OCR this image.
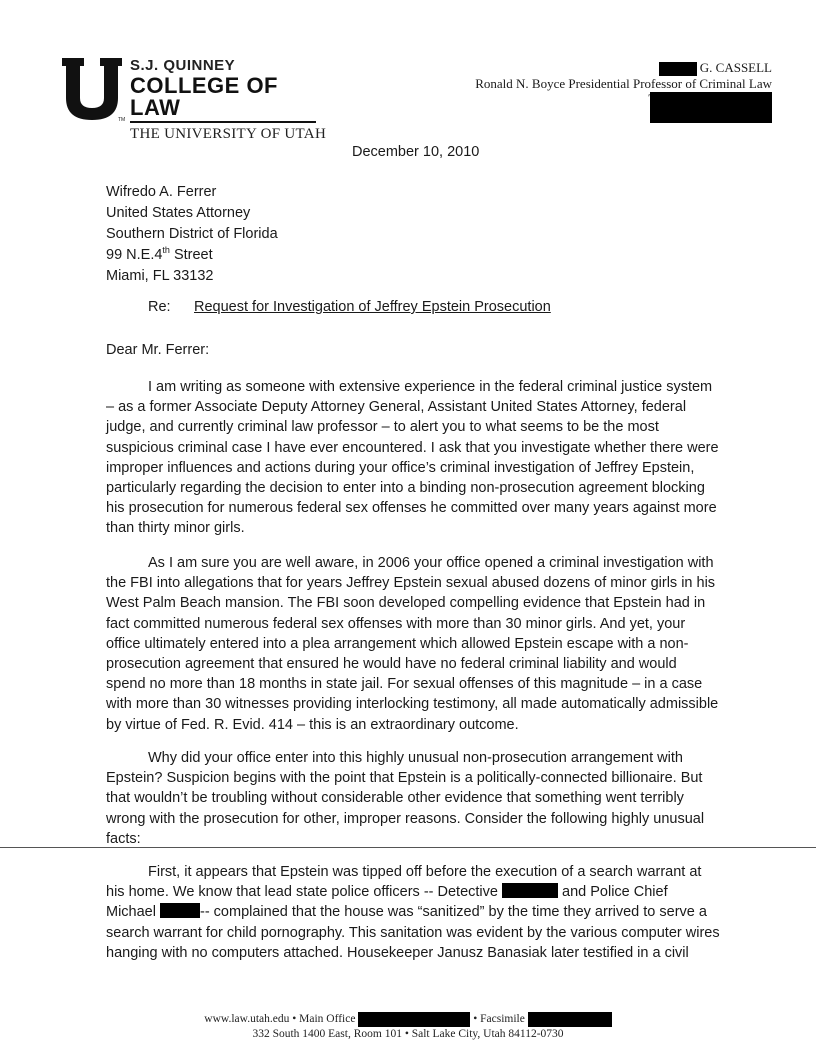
TM
S.J. QUINNEY
COLLEGE OF LAW
THE UNIVERSITY OF UTAH
G. CASSELL
Ronald N. Boyce Presidential Professor of Criminal Law
December 10, 2010
Wifredo A. Ferrer
United States Attorney
Southern District of Florida
99 N.E.4th Street
Miami, FL 33132
Re: Request for Investigation of Jeffrey Epstein Prosecution
Dear Mr. Ferrer:

I am writing as someone with extensive experience in the federal criminal justice system – as a former Associate Deputy Attorney General, Assistant United States Attorney, federal judge, and currently criminal law professor – to alert you to what seems to be the most suspicious criminal case I have ever encountered. I ask that you investigate whether there were improper influences and actions during your office’s criminal investigation of Jeffrey Epstein, particularly regarding the decision to enter into a binding non-prosecution agreement blocking his prosecution for numerous federal sex offenses he committed over many years against more than thirty minor girls.

As I am sure you are well aware, in 2006 your office opened a criminal investigation with the FBI into allegations that for years Jeffrey Epstein sexual abused dozens of minor girls in his West Palm Beach mansion. The FBI soon developed compelling evidence that Epstein had in fact committed numerous federal sex offenses with more than 30 minor girls. And yet, your office ultimately entered into a plea arrangement which allowed Epstein escape with a non-prosecution agreement that ensured he would have no federal criminal liability and would spend no more than 18 months in state jail. For sexual offenses of this magnitude – in a case with more than 30 witnesses providing interlocking testimony, all made automatically admissible by virtue of Fed. R. Evid. 414 – this is an extraordinary outcome.

Why did your office enter into this highly unusual non-prosecution arrangement with Epstein? Suspicion begins with the point that Epstein is a politically-connected billionaire. But that wouldn’t be troubling without considerable other evidence that something went terribly wrong with the prosecution for other, improper reasons. Consider the following highly unusual facts:

First, it appears that Epstein was tipped off before the execution of a search warrant at his home. We know that lead state police officers -- Detective	and Police Chief Michael	-- complained that the house was “sanitized” by the time they arrived to serve a search warrant for child pornography. This sanitation was evident by the various computer wires hanging with no computers attached. Housekeeper Janusz Banasiak later testified in a civil

www.law.utah.edu • Main Office	• Facsimile
332 South 1400 East, Room 101 • Salt Lake City, Utah 84112-0730
